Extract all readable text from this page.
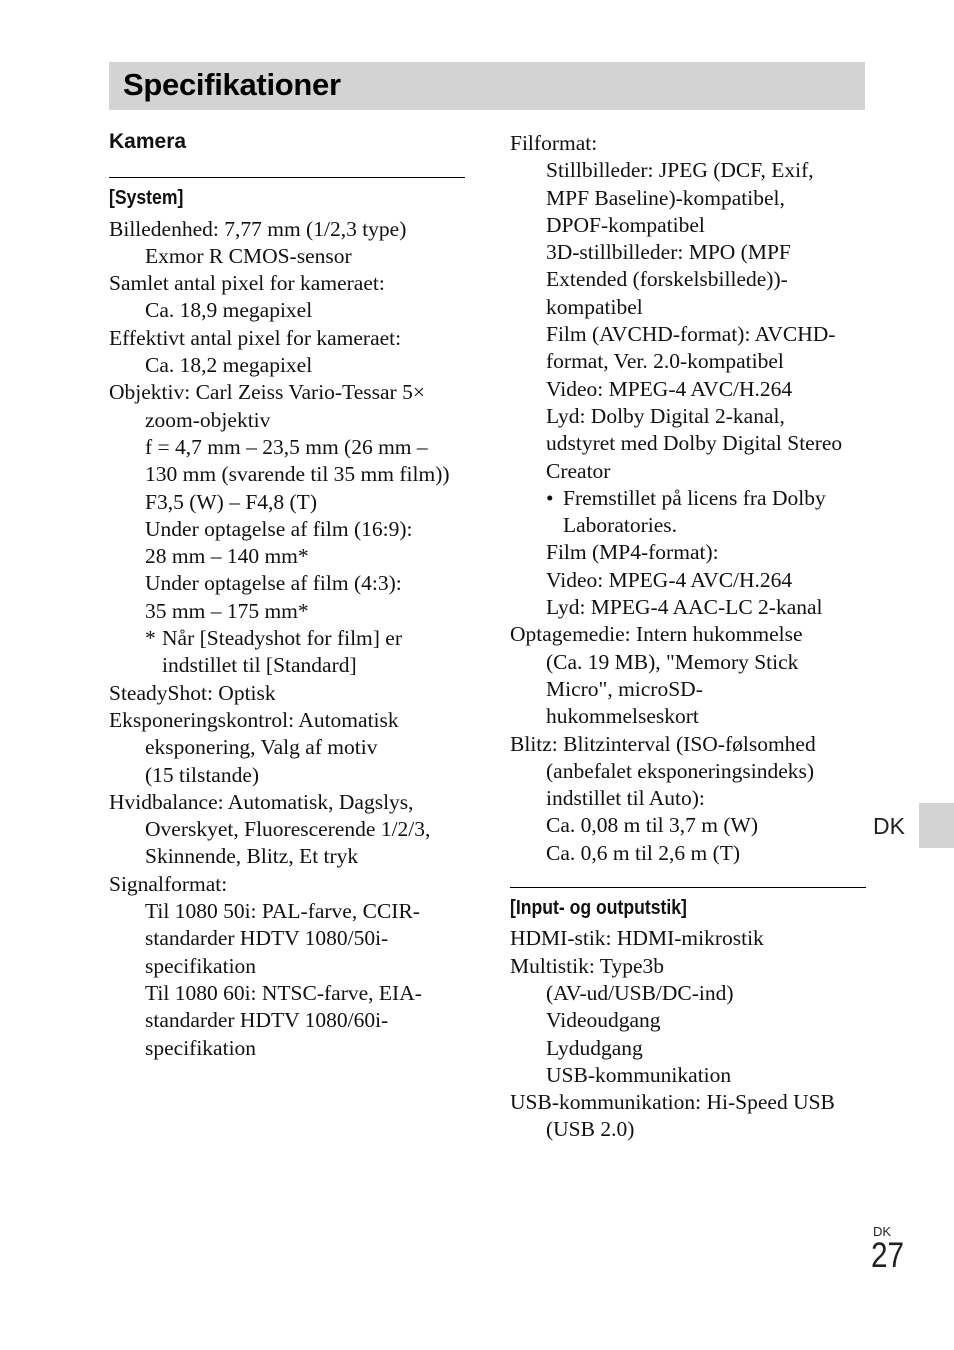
Specifikationer
Kamera
[System]
Billedenhed: 7,77 mm (1/2,3 type)
Exmor R CMOS-sensor
Samlet antal pixel for kameraet:
Ca. 18,9 megapixel
Effektivt antal pixel for kameraet:
Ca. 18,2 megapixel
Objektiv: Carl Zeiss Vario-Tessar 5×
zoom-objektiv
f = 4,7 mm – 23,5 mm (26 mm –
130 mm (svarende til 35 mm film))
F3,5 (W) – F4,8 (T)
Under optagelse af film (16:9):
28 mm – 140 mm*
Under optagelse af film (4:3):
35 mm – 175 mm*
* Når [Steadyshot for film] er
indstillet til [Standard]
SteadyShot: Optisk
Eksponeringskontrol: Automatisk
eksponering, Valg af motiv
(15 tilstande)
Hvidbalance: Automatisk, Dagslys,
Overskyet, Fluorescerende 1/2/3,
Skinnende, Blitz, Et tryk
Signalformat:
Til 1080 50i: PAL-farve, CCIR-
standarder HDTV 1080/50i-
specifikation
Til 1080 60i: NTSC-farve, EIA-
standarder HDTV 1080/60i-
specifikation
Filformat:
Stillbilleder: JPEG (DCF, Exif,
MPF Baseline)-kompatibel,
DPOF-kompatibel
3D-stillbilleder: MPO (MPF
Extended (forskelsbillede))-
kompatibel
Film (AVCHD-format): AVCHD-
format, Ver. 2.0-kompatibel
Video: MPEG-4 AVC/H.264
Lyd: Dolby Digital 2-kanal,
udstyret med Dolby Digital Stereo
Creator
• Fremstillet på licens fra Dolby
Laboratories.
Film (MP4-format):
Video: MPEG-4 AVC/H.264
Lyd: MPEG-4 AAC-LC 2-kanal
Optagemedie: Intern hukommelse
(Ca. 19 MB), "Memory Stick
Micro", microSD-
hukommelseskort
Blitz: Blitzinterval (ISO-følsomhed
(anbefalet eksponeringsindeks)
indstillet til Auto):
Ca. 0,08 m til 3,7 m (W)
Ca. 0,6 m til 2,6 m (T)
[Input- og outputstik]
HDMI-stik: HDMI-mikrostik
Multistik: Type3b
(AV-ud/USB/DC-ind)
Videoudgang
Lydudgang
USB-kommunikation
USB-kommunikation: Hi-Speed USB
(USB 2.0)
DK
DK
27
